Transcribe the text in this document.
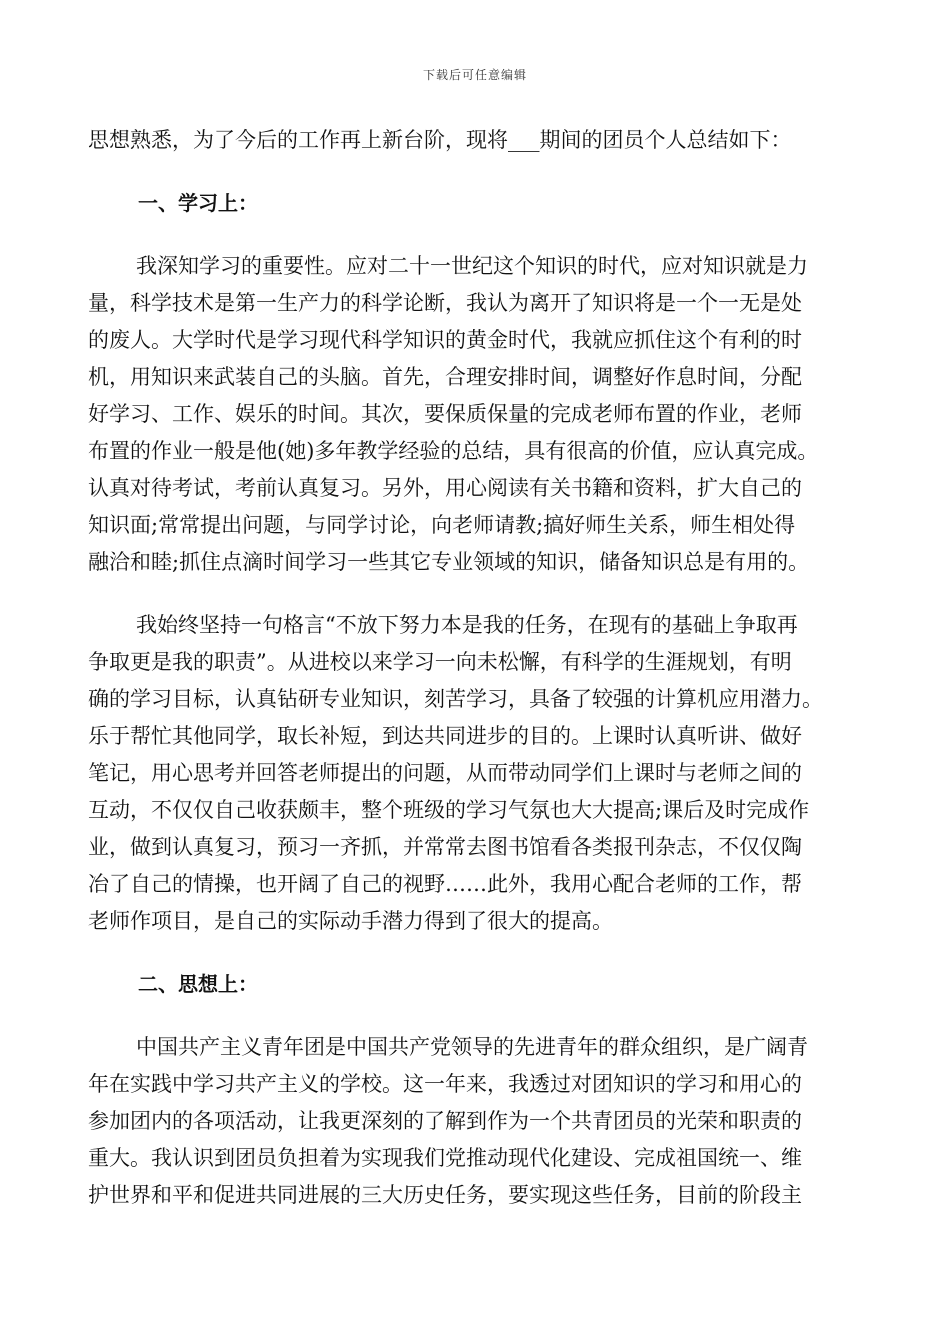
下载后可任意编辑

思想熟悉，为了今后的工作再上新台阶，现将___期间的团员个人总结如下：

一、学习上：
我深知学习的重要性。应对二十一世纪这个知识的时代，应对知识就是力
量，科学技术是第一生产力的科学论断，我认为离开了知识将是一个一无是处
的废人。大学时代是学习现代科学知识的黄金时代，我就应抓住这个有利的时
机，用知识来武装自己的头脑。首先，合理安排时间，调整好作息时间，分配
好学习、工作、娱乐的时间。其次，要保质保量的完成老师布置的作业，老师
布置的作业一般是他(她)多年教学经验的总结，具有很高的价值，应认真完成。
认真对待考试，考前认真复习。另外，用心阅读有关书籍和资料，扩大自己的
知识面;常常提出问题，与同学讨论，向老师请教;搞好师生关系，师生相处得
融洽和睦;抓住点滴时间学习一些其它专业领域的知识，储备知识总是有用的。
我始终坚持一句格言“不放下努力本是我的任务，在现有的基础上争取再
争取更是我的职责”。从进校以来学习一向未松懈，有科学的生涯规划，有明
确的学习目标，认真钻研专业知识，刻苦学习，具备了较强的计算机应用潜力。
乐于帮忙其他同学，取长补短，到达共同进步的目的。上课时认真听讲、做好
笔记，用心思考并回答老师提出的问题，从而带动同学们上课时与老师之间的
互动，不仅仅自己收获颇丰，整个班级的学习气氛也大大提高;课后及时完成作
业，做到认真复习，预习一齐抓，并常常去图书馆看各类报刊杂志，不仅仅陶
冶了自己的情操，也开阔了自己的视野……此外，我用心配合老师的工作，帮
老师作项目，是自己的实际动手潜力得到了很大的提高。
二、思想上：
中国共产主义青年团是中国共产党领导的先进青年的群众组织，是广阔青
年在实践中学习共产主义的学校。这一年来，我透过对团知识的学习和用心的
参加团内的各项活动，让我更深刻的了解到作为一个共青团员的光荣和职责的
重大。我认识到团员负担着为实现我们党推动现代化建设、完成祖国统一、维
护世界和平和促进共同进展的三大历史任务，要实现这些任务，目前的阶段主
